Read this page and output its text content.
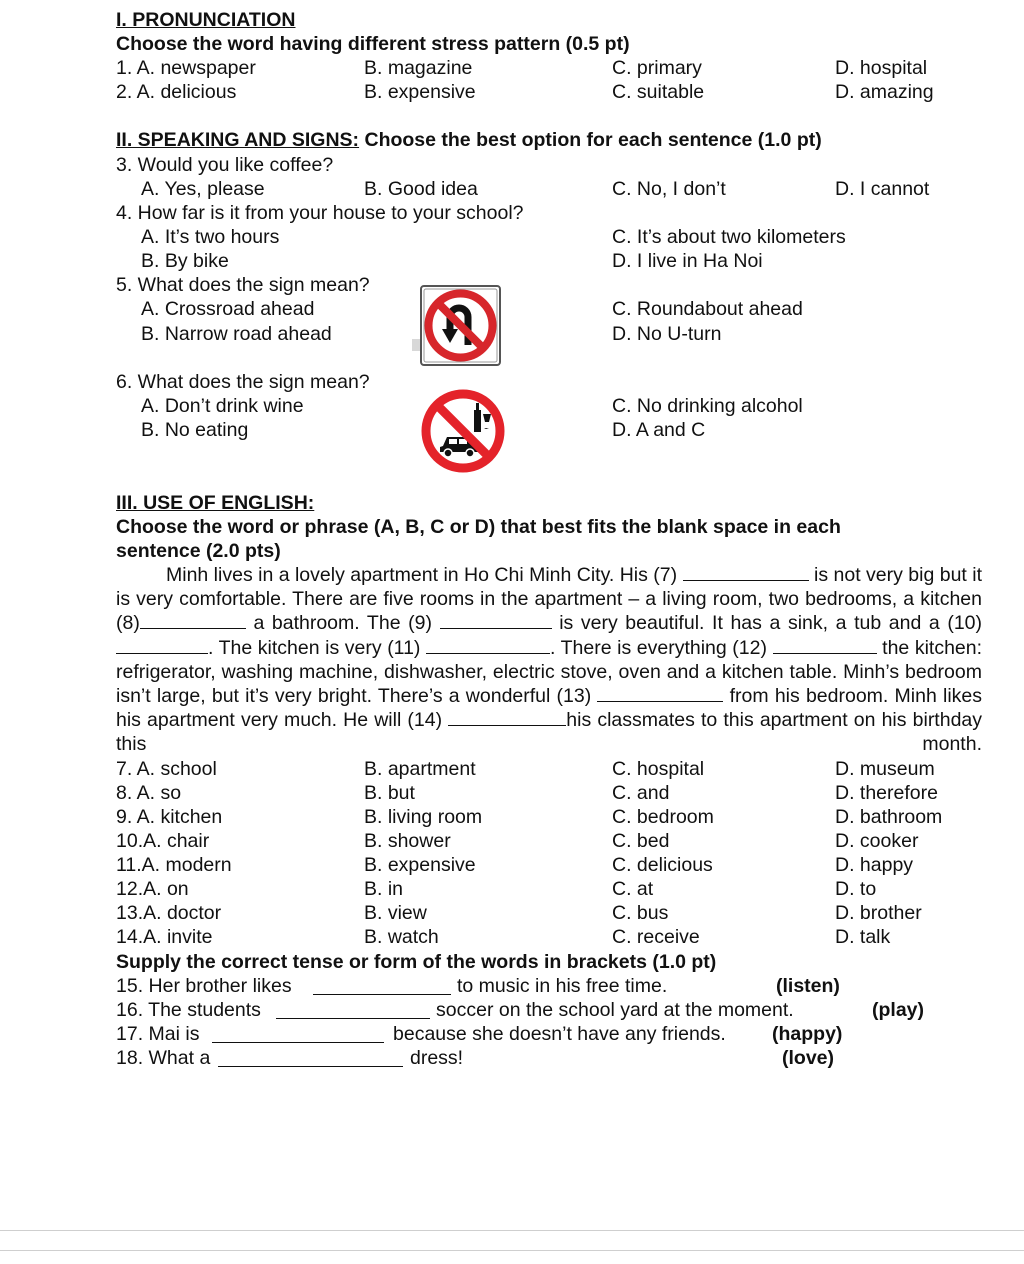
I. PRONUNCIATION
Choose the word having different stress pattern (0.5 pt)
1. A. newspaper	B. magazine	C. primary	D. hospital
2. A. delicious	B. expensive	C. suitable	D. amazing
II. SPEAKING AND SIGNS: Choose the best option for each sentence (1.0 pt)
3. Would you like coffee?
A. Yes, please	B. Good idea	C. No, I don’t	D. I cannot
4. How far is it from your house to your school?
A. It’s two hours	C. It’s about two kilometers
B. By bike	D. I live in Ha Noi
5. What does the sign mean?
A. Crossroad ahead	C. Roundabout ahead
B. Narrow road ahead	D. No U-turn
6. What does the sign mean?
A. Don’t drink wine	C. No drinking alcohol
B. No eating	D. A and C
III. USE OF ENGLISH:
Choose the word or phrase (A, B, C or D) that best fits the blank space in each
sentence (2.0 pts)
Minh lives in a lovely apartment in Ho Chi Minh City. His (7)	is not very big but it is very comfortable. There are five rooms in the apartment – a living room, two bedrooms, a kitchen (8)	a bathroom. The (9)	is very beautiful. It has a sink, a tub and a (10). The kitchen is very (11)	. There is everything (12)	the kitchen: refrigerator, washing machine, dishwasher, electric stove, oven and a kitchen table. Minh’s bedroom isn’t large, but it’s very bright. There’s a wonderful (13)	from his bedroom. Minh likes his apartment very much. He will (14)	his classmates to this apartment on his birthday this month.
7. A. school	B. apartment	C. hospital	D. museum
8. A. so	B. but	C. and	D. therefore
9. A. kitchen	B. living room	C. bedroom	D. bathroom
10.A. chair	B. shower	C. bed	D. cooker
11.A. modern	B. expensive	C. delicious	D. happy
12.A. on	B. in	C. at	D. to
13.A. doctor	B. view	C. bus	D. brother
14.A. invite	B. watch	C. receive	D. talk
Supply the correct tense or form of the words in brackets (1.0 pt)
15. Her brother likes	to music in his free time.	(listen)
16. The students	soccer on the school yard at the moment.	(play)
17. Mai is	because she doesn’t have any friends. (happy)
18. What a	dress!	(love)
